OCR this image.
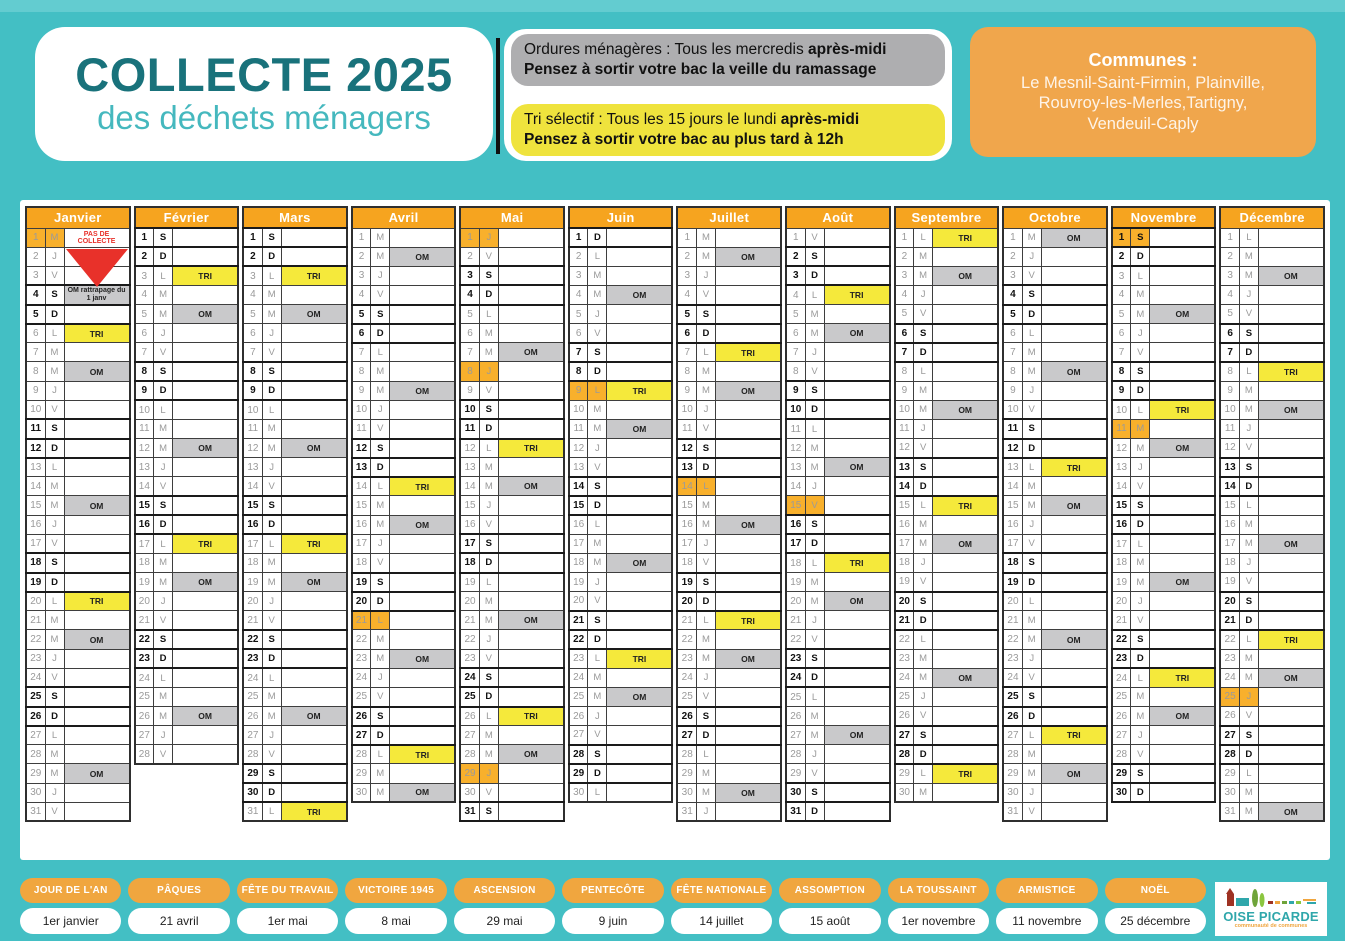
COLLECTE 2025
des déchets ménagers
Ordures ménagères : Tous les mercredis après-midi
Pensez à sortir votre bac la veille du ramassage
Tri sélectif : Tous les 15 jours le lundi après-midi
Pensez à sortir votre bac au plus tard à 12h
Communes :
Le Mesnil-Saint-Firmin, Plainville,
Rouvroy-les-Merles,Tartigny,
Vendeuil-Caply
Janvier		
1	M	PAS DE COLLECTE
2	J	

3	V	
4	S	OM rattrapage du 1 janv
5	D	
6	L	TRI
7	M	
8	M	OM
9	J	
10	V	
11	S	
12	D	
13	L	
14	M	
15	M	OM
16	J	
17	V	
18	S	
19	D	
20	L	TRI
21	M	
22	M	OM
23	J	
24	V	
25	S	
26	D	
27	L	
28	M	
29	M	OM
30	J	
31	V	
Février		
1	S	
2	D	
3	L	TRI
4	M	
5	M	OM
6	J	
7	V	
8	S	
9	D	
10	L	
11	M	
12	M	OM
13	J	
14	V	
15	S	
16	D	
17	L	TRI
18	M	
19	M	OM
20	J	
21	V	
22	S	
23	D	
24	L	
25	M	
26	M	OM
27	J	
28	V	
Mars		
1	S	
2	D	
3	L	TRI
4	M	
5	M	OM
6	J	
7	V	
8	S	
9	D	
10	L	
11	M	
12	M	OM
13	J	
14	V	
15	S	
16	D	
17	L	TRI
18	M	
19	M	OM
20	J	
21	V	
22	S	
23	D	
24	L	
25	M	
26	M	OM
27	J	
28	V	
29	S	
30	D	
31	L	TRI
Avril		
1	M	
2	M	OM
3	J	
4	V	
5	S	
6	D	
7	L	
8	M	
9	M	OM
10	J	
11	V	
12	S	
13	D	
14	L	TRI
15	M	
16	M	OM
17	J	
18	V	
19	S	
20	D	
21	L	
22	M	
23	M	OM
24	J	
25	V	
26	S	
27	D	
28	L	TRI
29	M	
30	M	OM
Mai		
1	J	
2	V	
3	S	
4	D	
5	L	
6	M	
7	M	OM
8	J	
9	V	
10	S	
11	D	
12	L	TRI
13	M	
14	M	OM
15	J	
16	V	
17	S	
18	D	
19	L	
20	M	
21	M	OM
22	J	
23	V	
24	S	
25	D	
26	L	TRI
27	M	
28	M	OM
29	J	
30	V	
31	S	
Juin		
1	D	
2	L	
3	M	
4	M	OM
5	J	
6	V	
7	S	
8	D	
9	L	TRI
10	M	
11	M	OM
12	J	
13	V	
14	S	
15	D	
16	L	
17	M	
18	M	OM
19	J	
20	V	
21	S	
22	D	
23	L	TRI
24	M	
25	M	OM
26	J	
27	V	
28	S	
29	D	
30	L	
Juillet		
1	M	
2	M	OM
3	J	
4	V	
5	S	
6	D	
7	L	TRI
8	M	
9	M	OM
10	J	
11	V	
12	S	
13	D	
14	L	
15	M	
16	M	OM
17	J	
18	V	
19	S	
20	D	
21	L	TRI
22	M	
23	M	OM
24	J	
25	V	
26	S	
27	D	
28	L	
29	M	
30	M	OM
31	J	
Août		
1	V	
2	S	
3	D	
4	L	TRI
5	M	
6	M	OM
7	J	
8	V	
9	S	
10	D	
11	L	
12	M	
13	M	OM
14	J	
15	V	
16	S	
17	D	
18	L	TRI
19	M	
20	M	OM
21	J	
22	V	
23	S	
24	D	
25	L	
26	M	
27	M	OM
28	J	
29	V	
30	S	
31	D	
Septembre		
1	L	TRI
2	M	
3	M	OM
4	J	
5	V	
6	S	
7	D	
8	L	
9	M	
10	M	OM
11	J	
12	V	
13	S	
14	D	
15	L	TRI
16	M	
17	M	OM
18	J	
19	V	
20	S	
21	D	
22	L	
23	M	
24	M	OM
25	J	
26	V	
27	S	
28	D	
29	L	TRI
30	M	
Octobre		
1	M	OM
2	J	
3	V	
4	S	
5	D	
6	L	
7	M	
8	M	OM
9	J	
10	V	
11	S	
12	D	
13	L	TRI
14	M	
15	M	OM
16	J	
17	V	
18	S	
19	D	
20	L	
21	M	
22	M	OM
23	J	
24	V	
25	S	
26	D	
27	L	TRI
28	M	
29	M	OM
30	J	
31	V	
Novembre		
1	S	
2	D	
3	L	
4	M	
5	M	OM
6	J	
7	V	
8	S	
9	D	
10	L	TRI
11	M	
12	M	OM
13	J	
14	V	
15	S	
16	D	
17	L	
18	M	
19	M	OM
20	J	
21	V	
22	S	
23	D	
24	L	TRI
25	M	
26	M	OM
27	J	
28	V	
29	S	
30	D	
Décembre		
1	L	
2	M	
3	M	OM
4	J	
5	V	
6	S	
7	D	
8	L	TRI
9	M	
10	M	OM
11	J	
12	V	
13	S	
14	D	
15	L	
16	M	
17	M	OM
18	J	
19	V	
20	S	
21	D	
22	L	TRI
23	M	
24	M	OM
25	J	
26	V	
27	S	
28	D	
29	L	
30	M	
31	M	OM
JOUR DE L'AN
1er janvier
PÂQUES
21 avril
FÊTE DU TRAVAIL
1er mai
VICTOIRE 1945
8 mai
ASCENSION
29 mai
PENTECÔTE
9 juin
FÊTE NATIONALE
14 juillet
ASSOMPTION
15 août
LA TOUSSAINT
1er novembre
ARMISTICE
11 novembre
NOËL
25 décembre	OISE PICARDE
communauté de communes
